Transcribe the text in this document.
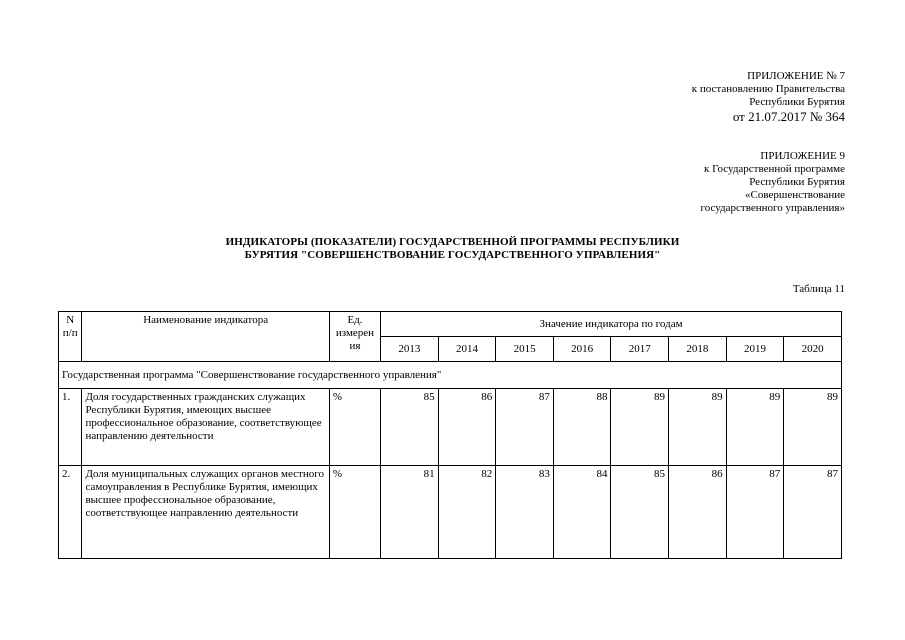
ПРИЛОЖЕНИЕ № 7
к постановлению Правительства
Республики Бурятия
от 21.07.2017 № 364
ПРИЛОЖЕНИЕ 9
к Государственной программе
Республики Бурятия
«Совершенствование
государственного управления»
ИНДИКАТОРЫ (ПОКАЗАТЕЛИ) ГОСУДАРСТВЕННОЙ ПРОГРАММЫ РЕСПУБЛИКИ
БУРЯТИЯ "СОВЕРШЕНСТВОВАНИЕ ГОСУДАРСТВЕННОГО УПРАВЛЕНИЯ"
Таблица 11
N п/п	Наименование индикатора	Ед. измерен ия	Значение индикатора по годам							
			2013	2014	2015	2016	2017	2018	2019	2020
Государственная программа "Совершенствование государственного управления"										
1.	Доля государственных гражданских служащих Республики Бурятия, имеющих высшее профессиональное образование, соответствующее направлению деятельности	%	85	86	87	88	89	89	89	89
2.	Доля муниципальных служащих органов местного самоуправления в Республике Бурятия, имеющих высшее профессиональное образование, соответствующее направлению деятельности	%	81	82	83	84	85	86	87	87
